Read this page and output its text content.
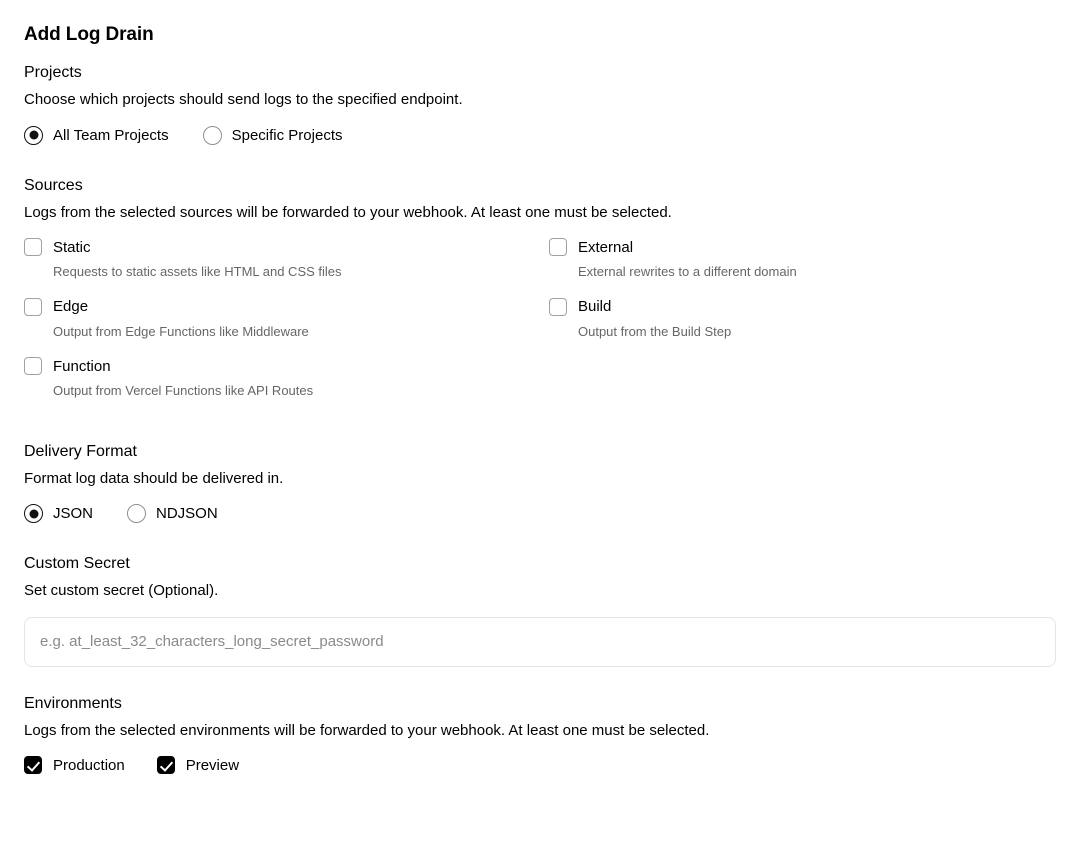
Add Log Drain
Projects
Choose which projects should send logs to the specified endpoint.
All Team Projects	Specific Projects
Sources
Logs from the selected sources will be forwarded to your webhook. At least one must be selected.
Static
Requests to static assets like HTML and CSS files
External
External rewrites to a different domain
Edge
Output from Edge Functions like Middleware
Build
Output from the Build Step
Function
Output from Vercel Functions like API Routes
Delivery Format
Format log data should be delivered in.
JSON	NDJSON
Custom Secret
Set custom secret (Optional).
e.g. at_least_32_characters_long_secret_password
Environments
Logs from the selected environments will be forwarded to your webhook. At least one must be selected.
Production	Preview
